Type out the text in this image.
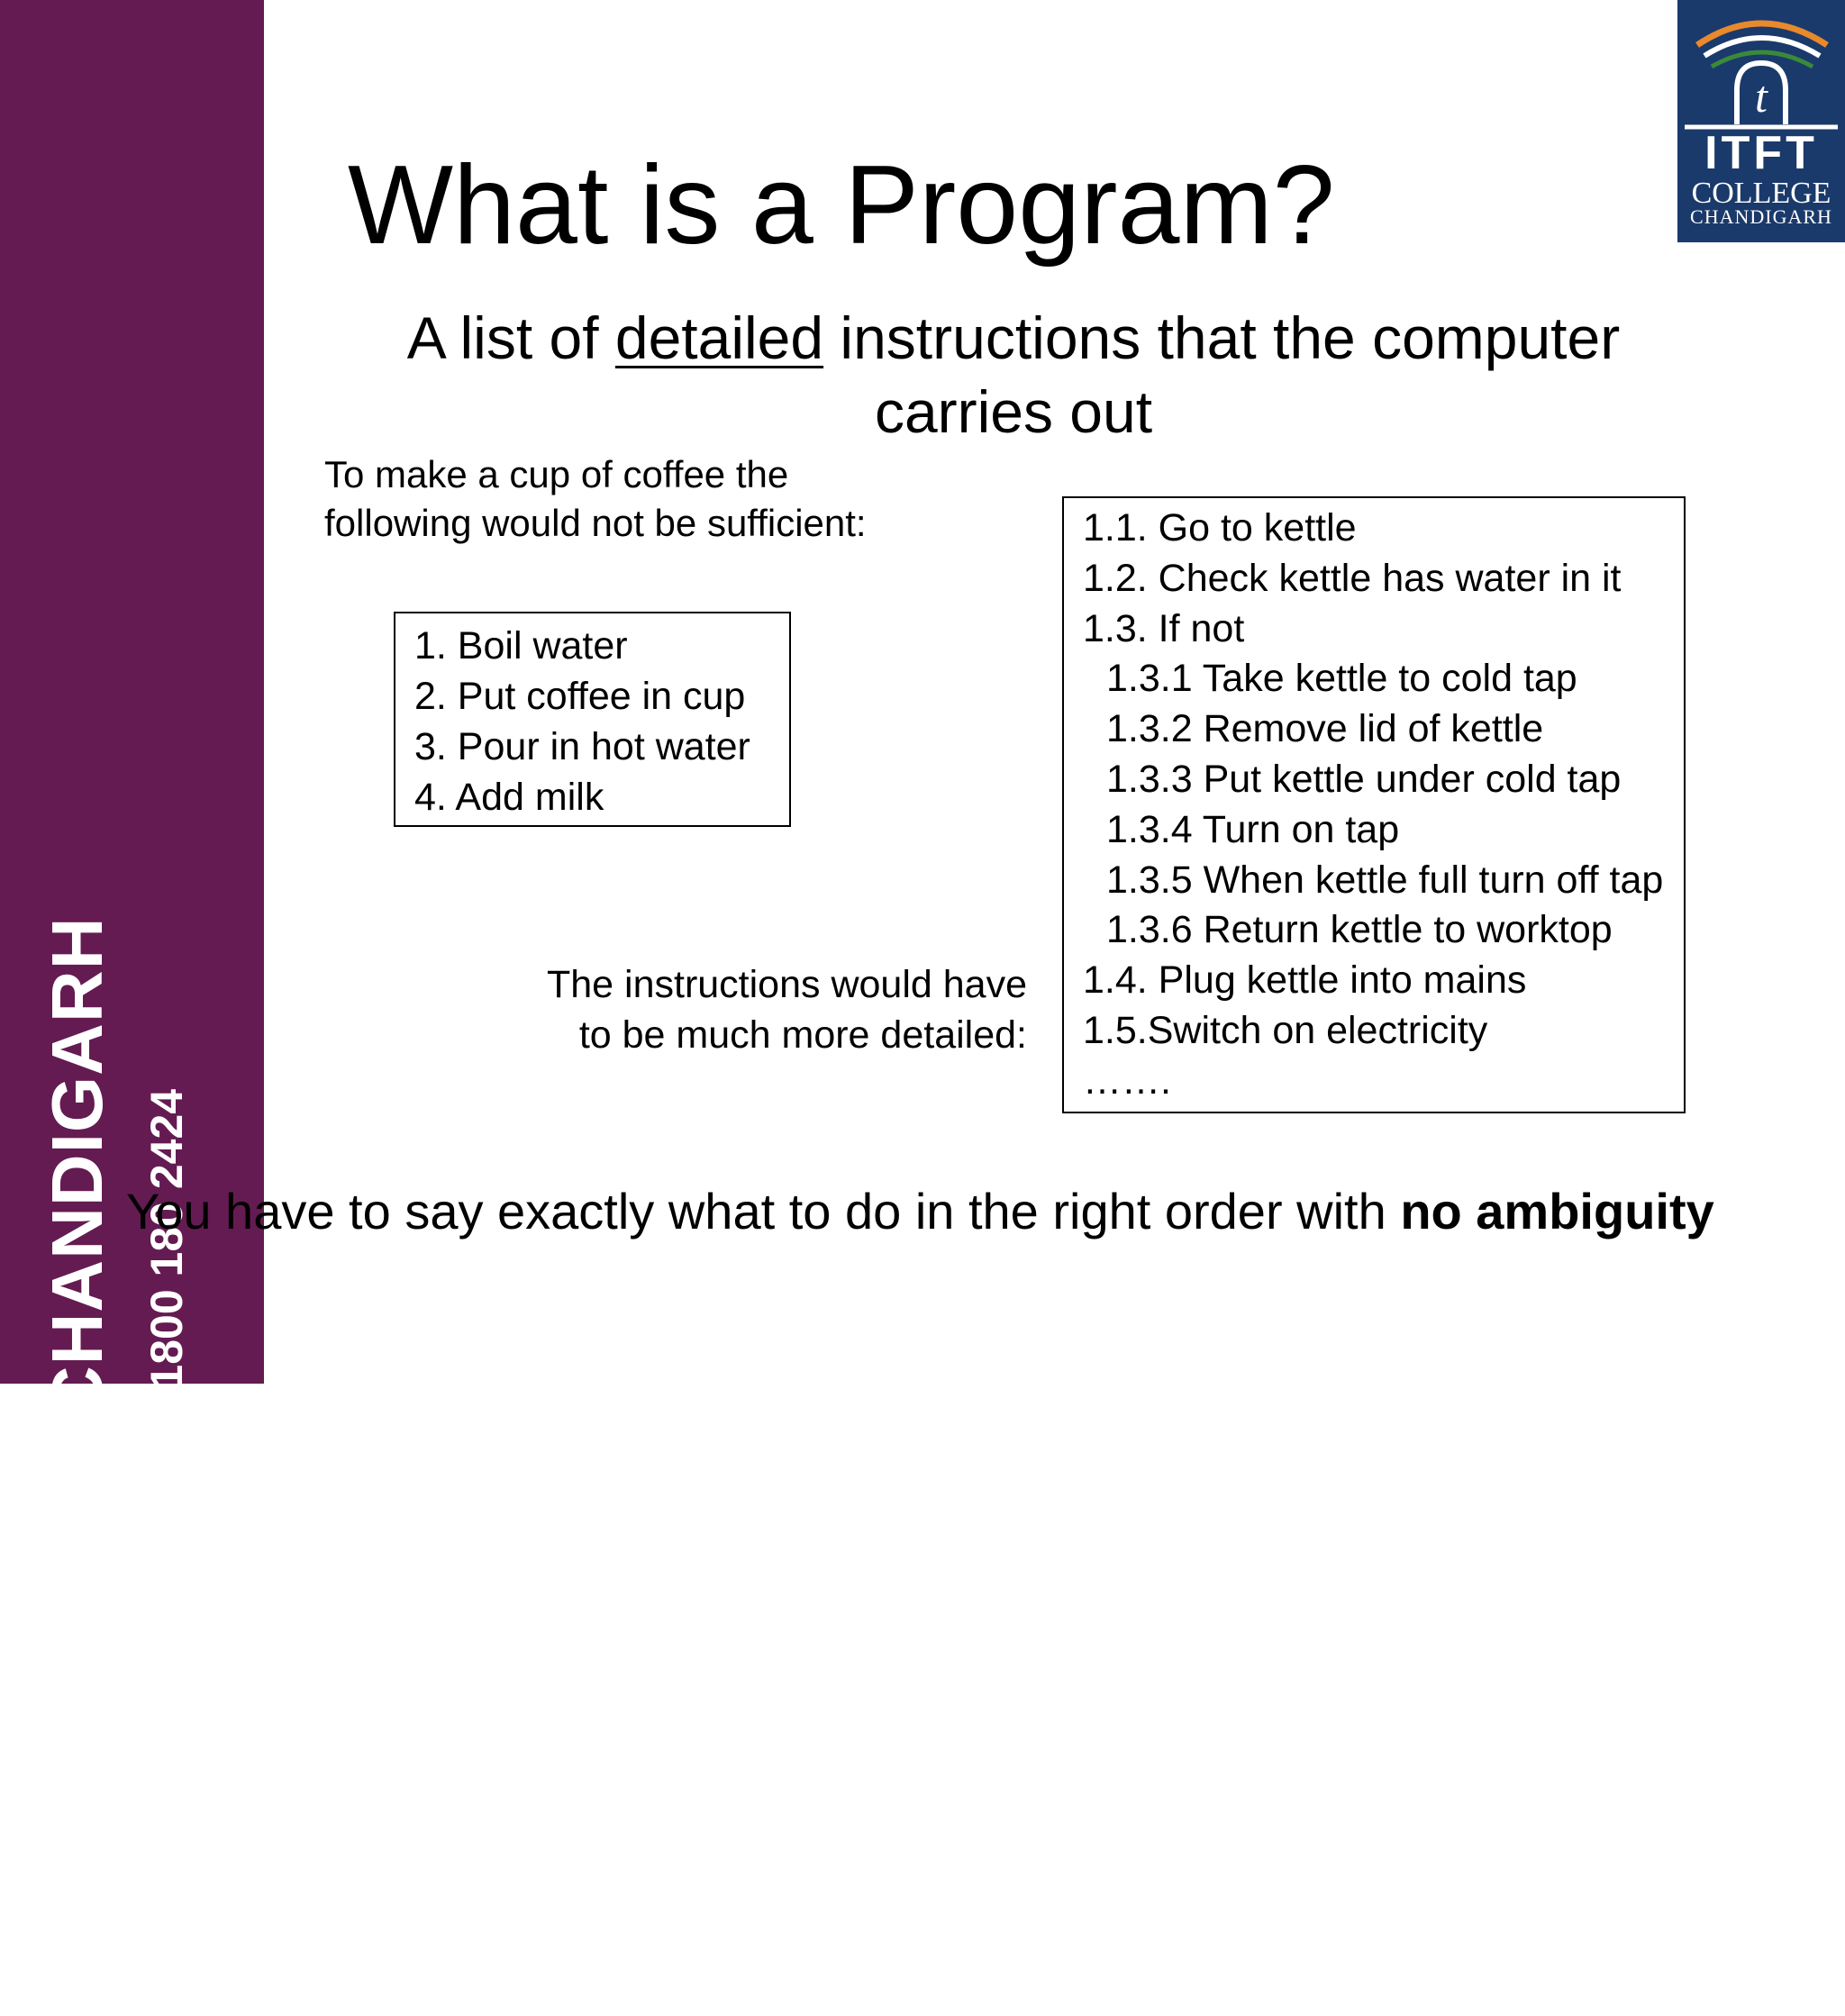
ITFT COLLEGE - CHANDIGARH www.itft.edu.in | 1800 180 2424
t
ITFT
COLLEGE
CHANDIGARH
What is a Program?
A list of detailed instructions that the computer carries out
To make a cup of coffee the
following would not be sufficient:
1. Boil water
2. Put coffee in cup
3. Pour in hot water
4. Add milk
The instructions would have
to be much more detailed:
1.1. Go to kettle
1.2. Check kettle has water in it
1.3. If not
1.3.1 Take kettle to cold tap
1.3.2 Remove lid of kettle
1.3.3 Put kettle under cold tap
1.3.4 Turn on tap
1.3.5 When kettle full turn off tap
1.3.6 Return kettle to worktop
1.4. Plug kettle into mains
1.5.Switch on electricity
…….
You have to say exactly what to do in the right order with no ambiguity
